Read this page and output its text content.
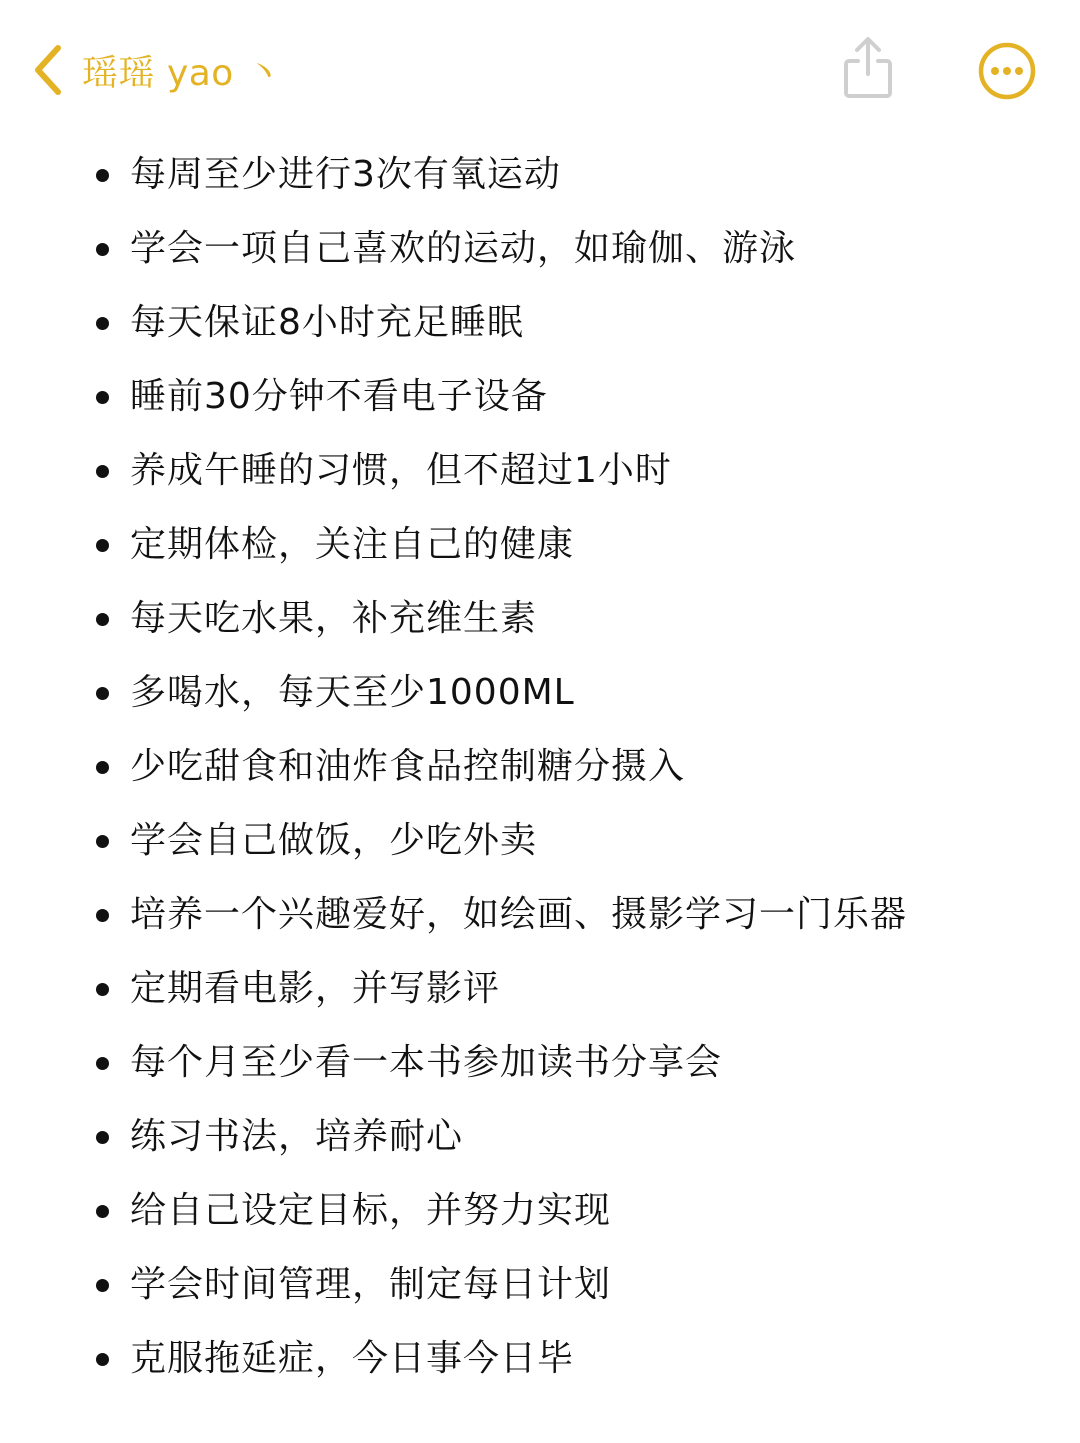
瑶瑶 yao 丶
每周至少进行3次有氧运动
学会一项自己喜欢的运动，如瑜伽、游泳
每天保证8小时充足睡眠
睡前30分钟不看电子设备
养成午睡的习惯，但不超过1小时
定期体检，关注自己的健康
每天吃水果，补充维生素
多喝水，每天至少1000ML
少吃甜食和油炸食品控制糖分摄入
学会自己做饭，少吃外卖
培养一个兴趣爱好，如绘画、摄影学习一门乐器
定期看电影，并写影评
每个月至少看一本书参加读书分享会
练习书法，培养耐心
给自己设定目标，并努力实现
学会时间管理，制定每日计划
克服拖延症，今日事今日毕
